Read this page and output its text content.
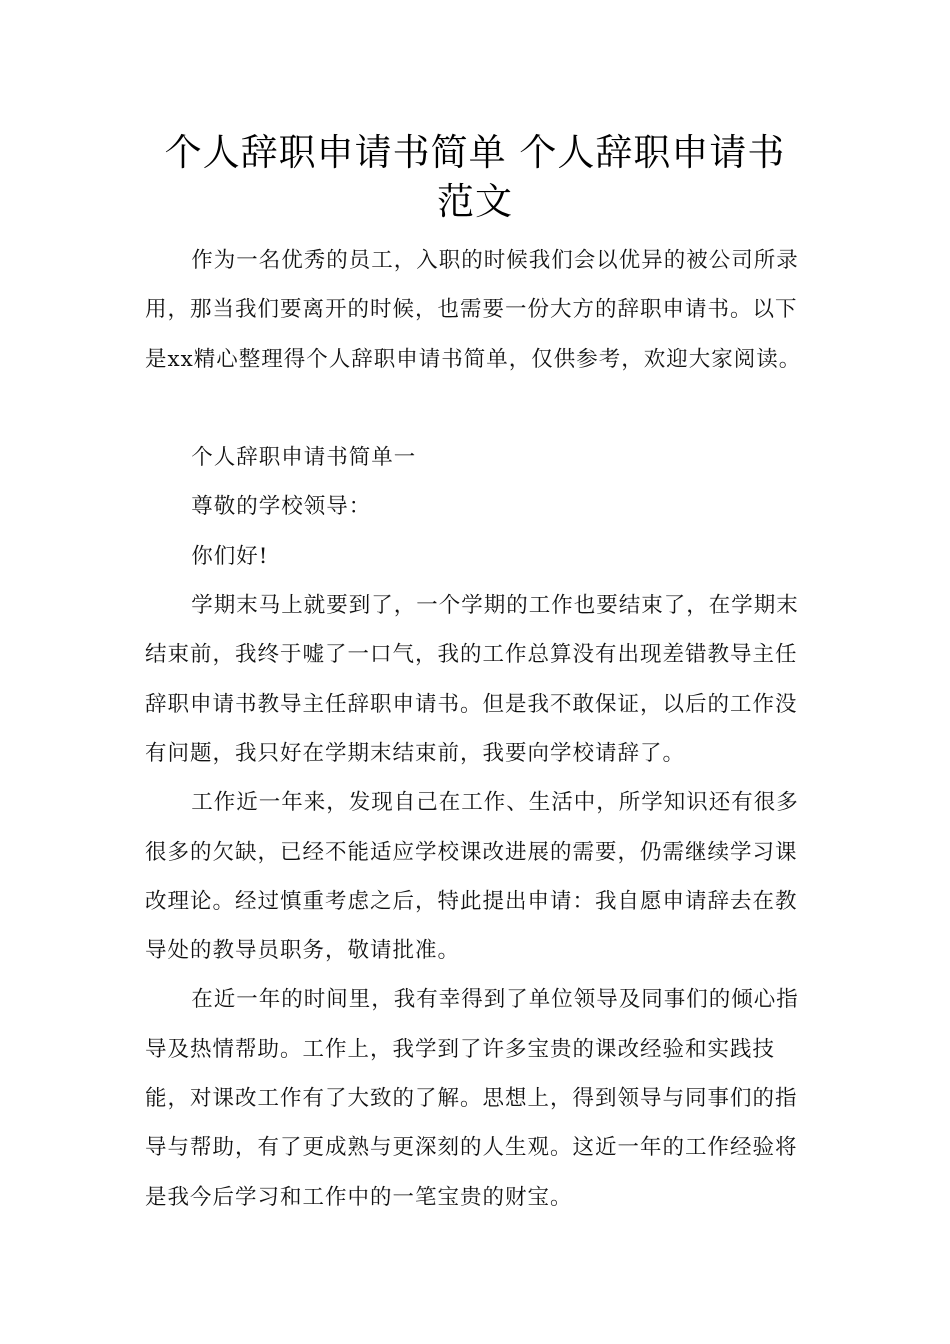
个人辞职申请书简单 个人辞职申请书
范文

作为一名优秀的员工，入职的时候我们会以优异的被公司所录用，那当我们要离开的时候，也需要一份大方的辞职申请书。以下是xx精心整理得个人辞职申请书简单，仅供参考，欢迎大家阅读。

个人辞职申请书简单一

尊敬的学校领导：

你们好!

学期末马上就要到了，一个学期的工作也要结束了，在学期末结束前，我终于嘘了一口气，我的工作总算没有出现差错教导主任辞职申请书教导主任辞职申请书。但是我不敢保证，以后的工作没有问题，我只好在学期末结束前，我要向学校请辞了。

工作近一年来，发现自己在工作、生活中，所学知识还有很多很多的欠缺，已经不能适应学校课改进展的需要，仍需继续学习课改理论。经过慎重考虑之后，特此提出申请：我自愿申请辞去在教导处的教导员职务，敬请批准。

在近一年的时间里，我有幸得到了单位领导及同事们的倾心指导及热情帮助。工作上，我学到了许多宝贵的课改经验和实践技能，对课改工作有了大致的了解。思想上，得到领导与同事们的指导与帮助，有了更成熟与更深刻的人生观。这近一年的工作经验将是我今后学习和工作中的一笔宝贵的财宝。
